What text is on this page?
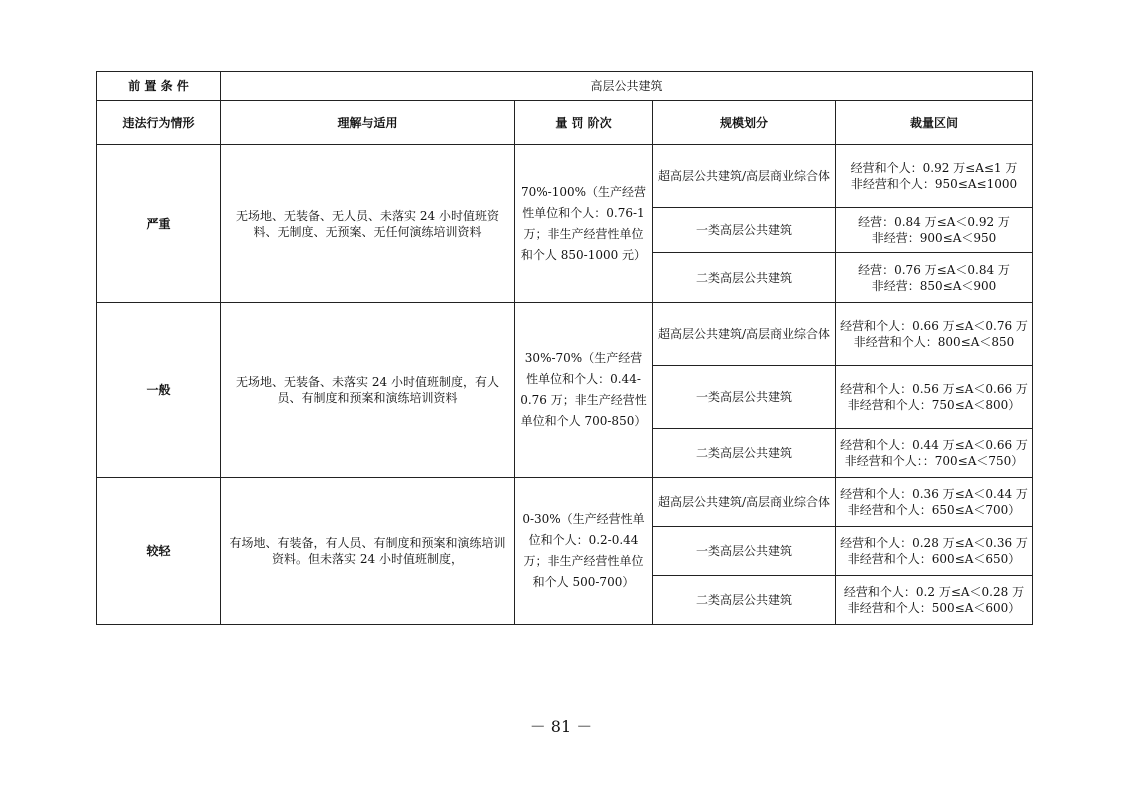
前 置 条 件	高层公共建筑			
违法行为情形	理解与适用	量 罚 阶次	规模划分	裁量区间
严重	无场地、无装备、无人员、未落实 24 小时值班资料、无制度、无预案、无任何演练培训资料	70%-100%（生产经营性单位和个人：0.76-1 万；非生产经营性单位和个人 850-1000 元）	超高层公共建筑/高层商业综合体	经营和个人：0.92 万≤A≤1 万
非经营和个人：950≤A≤1000

			一类高层公共建筑	经营：0.84 万≤A＜0.92 万
非经营：900≤A＜950

			二类高层公共建筑	经营：0.76 万≤A＜0.84 万
非经营：850≤A＜900

一般	无场地、无装备、未落实 24 小时值班制度，有人员、有制度和预案和演练培训资料	30%-70%（生产经营性单位和个人：0.44-0.76 万；非生产经营性单位和个人 700-850）	超高层公共建筑/高层商业综合体	经营和个人：0.66 万≤A＜0.76 万
非经营和个人：800≤A＜850

			一类高层公共建筑	经营和个人：0.56 万≤A＜0.66 万
非经营和个人：750≤A＜800）

			二类高层公共建筑	经营和个人：0.44 万≤A＜0.66 万
非经营和个人：：700≤A＜750）

较轻	有场地、有装备，有人员、有制度和预案和演练培训资料。但未落实 24 小时值班制度，	0-30%（生产经营性单位和个人：0.2-0.44 万；非生产经营性单位和个人 500-700）	超高层公共建筑/高层商业综合体	经营和个人：0.36 万≤A＜0.44 万
非经营和个人：650≤A＜700）

			一类高层公共建筑	经营和个人：0.28 万≤A＜0.36 万
非经营和个人：600≤A＜650）

			二类高层公共建筑	经营和个人：0.2 万≤A＜0.28 万
非经营和个人：500≤A＜600）
－ 81 －
